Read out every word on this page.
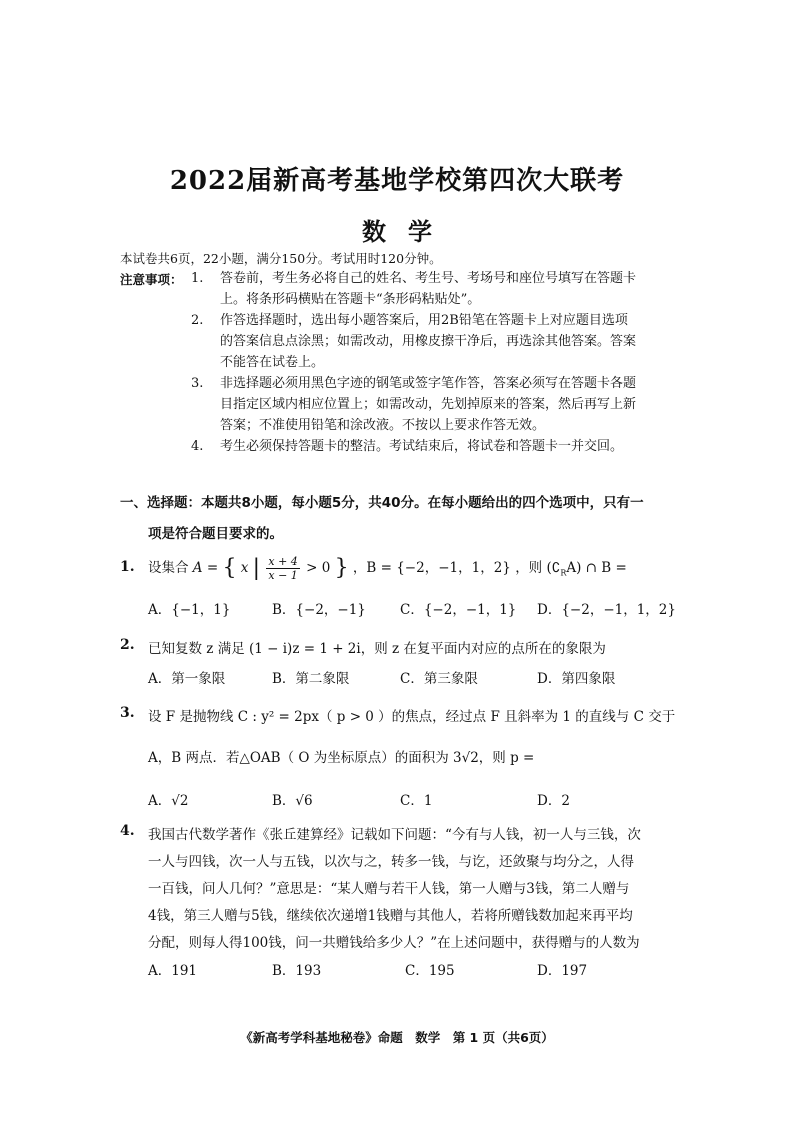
2022届新高考基地学校第四次大联考
数学
本试卷共6页，22小题，满分150分。考试用时120分钟。
注意事项： 1. 答卷前，考生务必将自己的姓名、考生号、考场号和座位号填写在答题卡
上。将条形码横贴在答题卡“条形码粘贴处”。
2. 作答选择题时，选出每小题答案后，用2B铅笔在答题卡上对应题目选项
的答案信息点涂黑；如需改动，用橡皮擦干净后，再选涂其他答案。答案
不能答在试卷上。
3. 非选择题必须用黑色字迹的钢笔或签字笔作答，答案必须写在答题卡各题
目指定区域内相应位置上；如需改动，先划掉原来的答案，然后再写上新
答案；不准使用铅笔和涂改液。不按以上要求作答无效。
4. 考生必须保持答题卡的整洁。考试结束后，将试卷和答题卡一并交回。
一、选择题：本题共8小题，每小题5分，共40分。在每小题给出的四个选项中，只有一
项是符合题目要求的。
1. 设集合 A = { x | $\frac{x + 4}{x - 1} > 0$ } ，B = {−2，−1，1，2} ，则 $(∁_RA)$ ∩ B =
A．{−1，1}	B．{−2，−1}	C．{−2，−1，1} D．{−2，−1，1，2}
2. 已知复数 z 满足 (1 − i)z = 1 + 2i，则 z 在复平面内对应的点所在的象限为
A．第一象限	B．第二象限	C．第三象限	D．第四象限
3. 设 F 是抛物线 C : y² = 2px（ p > 0 ）的焦点，经过点 F 且斜率为 1 的直线与 C 交于
A，B 两点．若△OAB（ O 为坐标原点）的面积为 3√2，则 p =
A．√2	B．√6	C．1	D．2
4. 我国古代数学著作《张丘建算经》记载如下问题：“今有与人钱，初一人与三钱，次
一人与四钱，次一人与五钱，以次与之，转多一钱，与讫，还敛聚与均分之，人得
一百钱，问人几何？”意思是：“某人赠与若干人钱，第一人赠与3钱，第二人赠与
4钱，第三人赠与5钱，继续依次递增1钱赠与其他人，若将所赠钱数加起来再平均
分配，则每人得100钱，问一共赠钱给多少人？”在上述问题中，获得赠与的人数为
A．191	B．193	C．195	D．197
《新高考学科基地秘卷》命题　数学　第 1 页（共6页）
